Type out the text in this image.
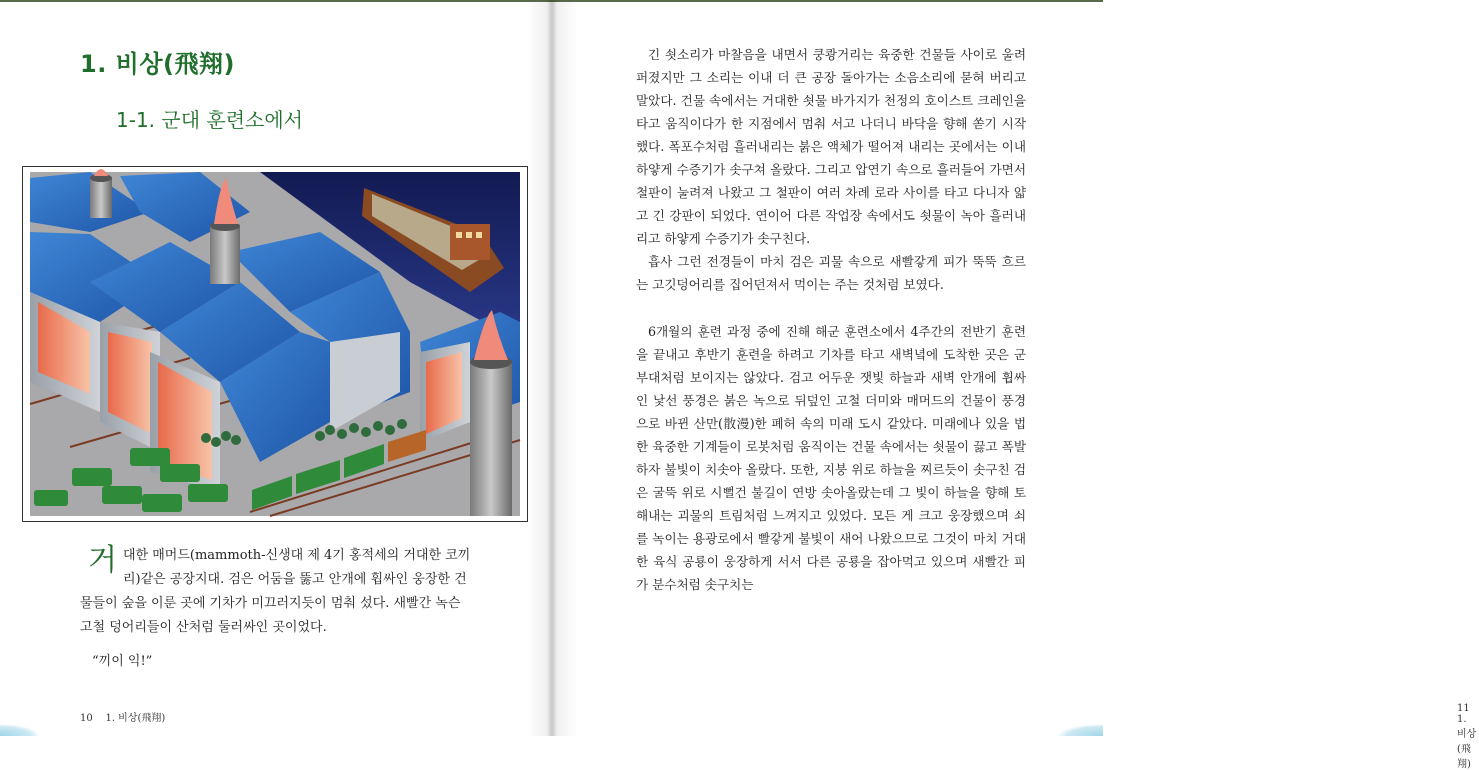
1. 비상(飛翔)
1-1. 군대 훈련소에서
거 대한 매머드(mammoth-신생대 제 4기 홍적세의 거대한 코끼리)같은 공장지대. 검은 어둠을 뚫고 안개에 휩싸인 웅장한 건물들이 숲을 이룬 곳에 기차가 미끄러지듯이 멈춰 섰다. 새빨간 녹슨 고철 덩어리들이 산처럼 둘러싸인 곳이었다.
“끼이 익!”
10 1. 비상(飛翔)
11    1. 비상(飛翔)

긴 쇳소리가 마찰음을 내면서 쿵쾅거리는 육중한 건물들 사이로 울려 퍼졌지만 그 소리는 이내 더 큰 공장 돌아가는 소음소리에 묻혀 버리고 말았다. 건물 속에서는 거대한 쇳물 바가지가 천정의 호이스트 크레인을 타고 움직이다가 한 지점에서 멈춰 서고 나더니 바닥을 향해 쏟기 시작했다. 폭포수처럼 흘러내리는 붉은 액체가 떨어져 내리는 곳에서는 이내 하얗게 수증기가 솟구쳐 올랐다. 그리고 압연기 속으로 흘러들어 가면서 철판이 눌려져 나왔고 그 철판이 여러 차례 로라 사이를 타고 다니자 얇고 긴 강판이 되었다. 연이어 다른 작업장 속에서도 쇳물이 녹아 흘러내리고 하얗게 수증기가 솟구친다.

흡사 그런 전경들이 마치 검은 괴물 속으로 새빨갛게 피가 뚝뚝 흐르는 고깃덩어리를 집어던져서 먹이는 주는 것처럼 보였다.

6개월의 훈련 과정 중에 진해 해군 훈련소에서 4주간의 전반기 훈련을 끝내고 후반기 훈련을 하려고 기차를 타고 새벽녘에 도착한 곳은 군부대처럼 보이지는 않았다. 검고 어두운 잿빛 하늘과 새벽 안개에 휩싸인 낯선 풍경은 붉은 녹으로 뒤덮인 고철 더미와 매머드의 건물이 풍경으로 바뀐 산만(散漫)한 폐허 속의 미래 도시 같았다. 미래에나 있을 법한 육중한 기계들이 로봇처럼 움직이는 건물 속에서는 쇳물이 끓고 폭발하자 불빛이 치솟아 올랐다. 또한, 지붕 위로 하늘을 찌르듯이 솟구친 검은 굴뚝 위로 시뻘건 불길이 연방 솟아올랐는데 그 빛이 하늘을 향해 토해내는 괴물의 트림처럼 느껴지고 있었다. 모든 게 크고 웅장했으며 쇠를 녹이는 용광로에서 빨갛게 불빛이 새어 나왔으므로 그것이 마치 거대한 육식 공룡이 웅장하게 서서 다른 공룡을 잡아먹고 있으며 새빨간 피가 분수처럼 솟구치는
